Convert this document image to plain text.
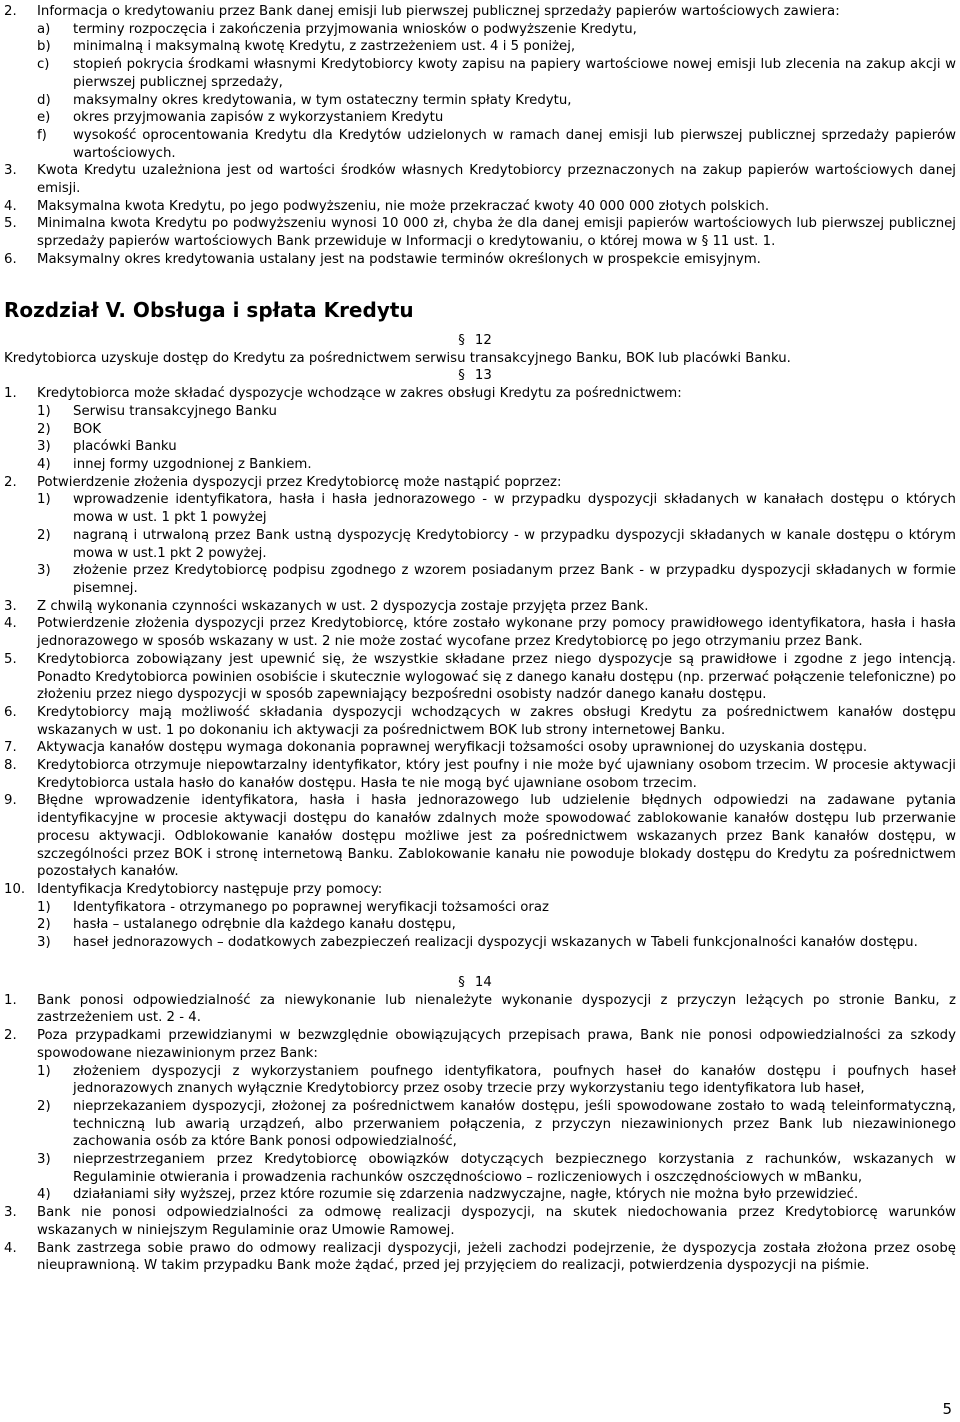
2.	Informacja o kredytowaniu przez Bank danej emisji lub pierwszej publicznej sprzedaży papierów wartościowych zawiera:
a)	terminy rozpoczęcia i zakończenia przyjmowania wniosków o podwyższenie Kredytu,
b)	minimalną i maksymalną kwotę Kredytu, z zastrzeżeniem ust. 4 i 5 poniżej,
c)	stopień pokrycia środkami własnymi Kredytobiorcy kwoty zapisu na papiery wartościowe nowej emisji lub zlecenia na zakup akcji w pierwszej publicznej sprzedaży,
d)	maksymalny okres kredytowania, w tym ostateczny termin spłaty Kredytu,
e)	okres przyjmowania zapisów z wykorzystaniem Kredytu
f)	wysokość oprocentowania Kredytu dla Kredytów udzielonych w ramach danej emisji lub pierwszej publicznej sprzedaży papierów wartościowych.
3.	Kwota Kredytu uzależniona jest od wartości środków własnych Kredytobiorcy przeznaczonych na zakup papierów wartościowych danej emisji.
4.	Maksymalna kwota Kredytu, po jego podwyższeniu, nie może przekraczać kwoty 40 000 000 złotych polskich.
5.	Minimalna kwota Kredytu po podwyższeniu wynosi 10 000 zł, chyba że dla danej emisji papierów wartościowych lub pierwszej publicznej sprzedaży papierów wartościowych Bank przewiduje w Informacji o kredytowaniu, o której mowa w § 11 ust. 1.
6.	Maksymalny okres kredytowania ustalany jest na podstawie terminów określonych w prospekcie emisyjnym.
Rozdział V. Obsługa i spłata Kredytu
§ 12
Kredytobiorca uzyskuje dostęp do Kredytu za pośrednictwem serwisu transakcyjnego Banku, BOK lub placówki Banku.
§ 13
1.	Kredytobiorca może składać dyspozycje wchodzące w zakres obsługi Kredytu za pośrednictwem:
1)	Serwisu transakcyjnego Banku
2)	BOK
3)	placówki Banku
4)	innej formy uzgodnionej z Bankiem.
2.	Potwierdzenie złożenia dyspozycji przez Kredytobiorcę może nastąpić poprzez:
1)	wprowadzenie identyfikatora, hasła i hasła jednorazowego - w przypadku dyspozycji składanych w kanałach dostępu o których mowa w ust. 1 pkt 1 powyżej
2)	nagraną i utrwaloną przez Bank ustną dyspozycję Kredytobiorcy - w przypadku dyspozycji składanych w kanale dostępu o którym mowa w ust.1 pkt 2 powyżej.
3)	złożenie przez Kredytobiorcę podpisu zgodnego z wzorem posiadanym przez Bank - w przypadku dyspozycji składanych w formie pisemnej.
3.	Z chwilą wykonania czynności wskazanych w ust. 2 dyspozycja zostaje przyjęta przez Bank.
4.	Potwierdzenie złożenia dyspozycji przez Kredytobiorcę, które zostało wykonane przy pomocy prawidłowego identyfikatora, hasła i hasła jednorazowego w sposób wskazany w ust. 2 nie może zostać wycofane przez Kredytobiorcę po jego otrzymaniu przez Bank.
5.	Kredytobiorca zobowiązany jest upewnić się, że wszystkie składane przez niego dyspozycje są prawidłowe i zgodne z jego intencją. Ponadto Kredytobiorca powinien osobiście i skutecznie wylogować się z danego kanału dostępu (np. przerwać połączenie telefoniczne) po złożeniu przez niego dyspozycji w sposób zapewniający bezpośredni osobisty nadzór danego kanału dostępu.
6.	Kredytobiorcy mają możliwość składania dyspozycji wchodzących w zakres obsługi Kredytu za pośrednictwem kanałów dostępu wskazanych w ust. 1 po dokonaniu ich aktywacji za pośrednictwem BOK lub strony internetowej Banku.
7.	Aktywacja kanałów dostępu wymaga dokonania poprawnej weryfikacji tożsamości osoby uprawnionej do uzyskania dostępu.
8.	Kredytobiorca otrzymuje niepowtarzalny identyfikator, który jest poufny i nie może być ujawniany osobom trzecim. W procesie aktywacji Kredytobiorca ustala hasło do kanałów dostępu. Hasła te nie mogą być ujawniane osobom trzecim.
9.	Błędne wprowadzenie identyfikatora, hasła i hasła jednorazowego lub udzielenie błędnych odpowiedzi na zadawane pytania identyfikacyjne w procesie aktywacji dostępu do kanałów zdalnych może spowodować zablokowanie kanałów dostępu lub przerwanie procesu aktywacji. Odblokowanie kanałów dostępu możliwe jest za pośrednictwem wskazanych przez Bank kanałów dostępu, w szczególności przez BOK i stronę internetową Banku. Zablokowanie kanału nie powoduje blokady dostępu do Kredytu za pośrednictwem pozostałych kanałów.
10. Identyfikacja Kredytobiorcy następuje przy pomocy:
1)	Identyfikatora - otrzymanego po poprawnej weryfikacji tożsamości oraz
2)	hasła – ustalanego odrębnie dla każdego kanału dostępu,
3)	haseł jednorazowych – dodatkowych zabezpieczeń realizacji dyspozycji wskazanych w Tabeli funkcjonalności kanałów dostępu.
§ 14
1.	Bank ponosi odpowiedzialność za niewykonanie lub nienależyte wykonanie dyspozycji z przyczyn leżących po stronie Banku, z zastrzeżeniem ust. 2 - 4.
2.	Poza przypadkami przewidzianymi w bezwzględnie obowiązujących przepisach prawa, Bank nie ponosi odpowiedzialności za szkody spowodowane niezawinionym przez Bank:
1)	złożeniem dyspozycji z wykorzystaniem poufnego identyfikatora, poufnych haseł do kanałów dostępu i poufnych haseł jednorazowych znanych wyłącznie Kredytobiorcy przez osoby trzecie przy wykorzystaniu tego identyfikatora lub haseł,
2)	nieprzekazaniem dyspozycji, złożonej za pośrednictwem kanałów dostępu, jeśli spowodowane zostało to wadą teleinformatyczną, techniczną lub awarią urządzeń, albo przerwaniem połączenia, z przyczyn niezawinionych przez Bank lub niezawinionego zachowania osób za które Bank ponosi odpowiedzialność,
3)	nieprzestrzeganiem przez Kredytobiorcę obowiązków dotyczących bezpiecznego korzystania z rachunków, wskazanych w Regulaminie otwierania i prowadzenia rachunków oszczędnościowo – rozliczeniowych i oszczędnościowych w mBanku,
4)	działaniami siły wyższej, przez które rozumie się zdarzenia nadzwyczajne, nagłe, których nie można było przewidzieć.
3.	Bank nie ponosi odpowiedzialności za odmowę realizacji dyspozycji, na skutek niedochowania przez Kredytobiorcę warunków wskazanych w niniejszym Regulaminie oraz Umowie Ramowej.
4.	Bank zastrzega sobie prawo do odmowy realizacji dyspozycji, jeżeli zachodzi podejrzenie, że dyspozycja została złożona przez osobę nieuprawnioną. W takim przypadku Bank może żądać, przed jej przyjęciem do realizacji, potwierdzenia dyspozycji na piśmie.
5
